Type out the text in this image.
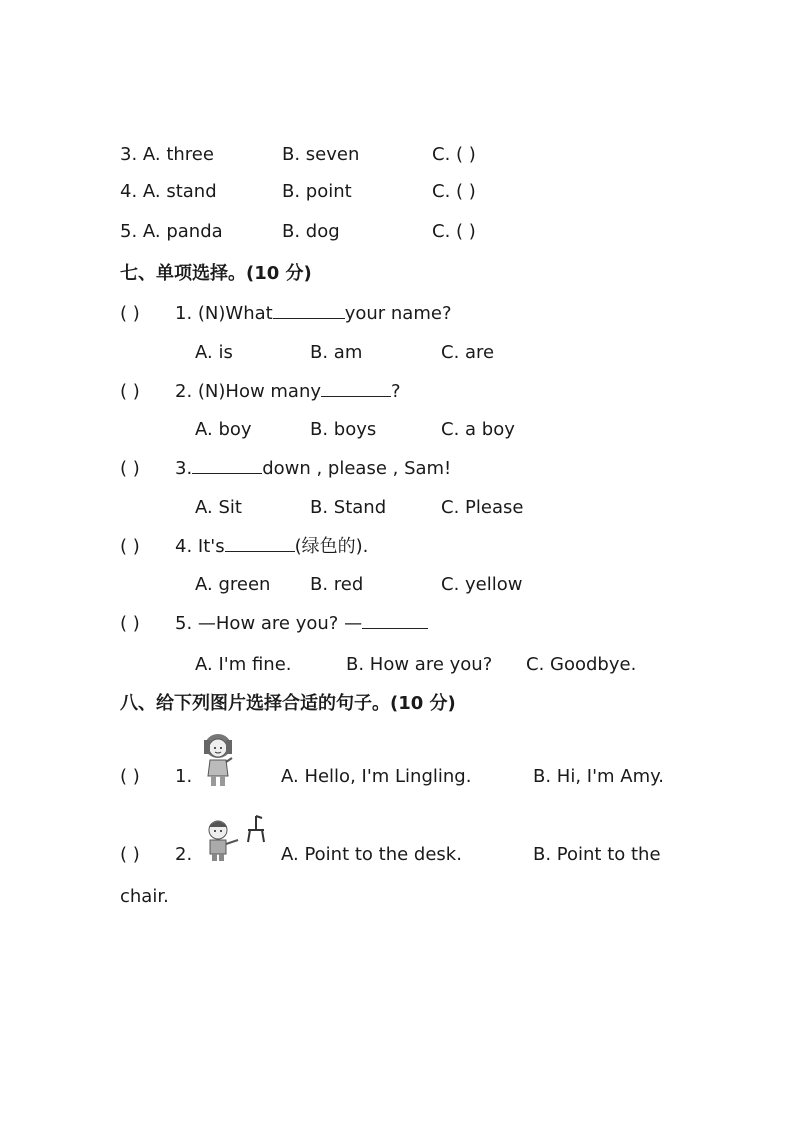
3. A. three	B. seven	C. ( )
4. A. stand	B. point	C. ( )
5. A. panda	B. dog	C. ( )
七、单项选择。(10 分)
( ) 1. (N)What	your name?
A. is	B. am	C. are
( ) 2. (N)How many	?
A. boy	B. boys	C. a boy
( ) 3.	down , please , Sam!
A. Sit	B. Stand	C. Please
( ) 4. It's	(绿色的).
A. green B. red	C. yellow
( ) 5. —How are you? —
A. I'm fine.	B. How are you? C. Goodbye.
八、给下列图片选择合适的句子。(10 分)
( ) 1.	A. Hello, I'm Lingling.	B. Hi, I'm Amy.
( ) 2.	A. Point to the desk.	B. Point to the
chair.
